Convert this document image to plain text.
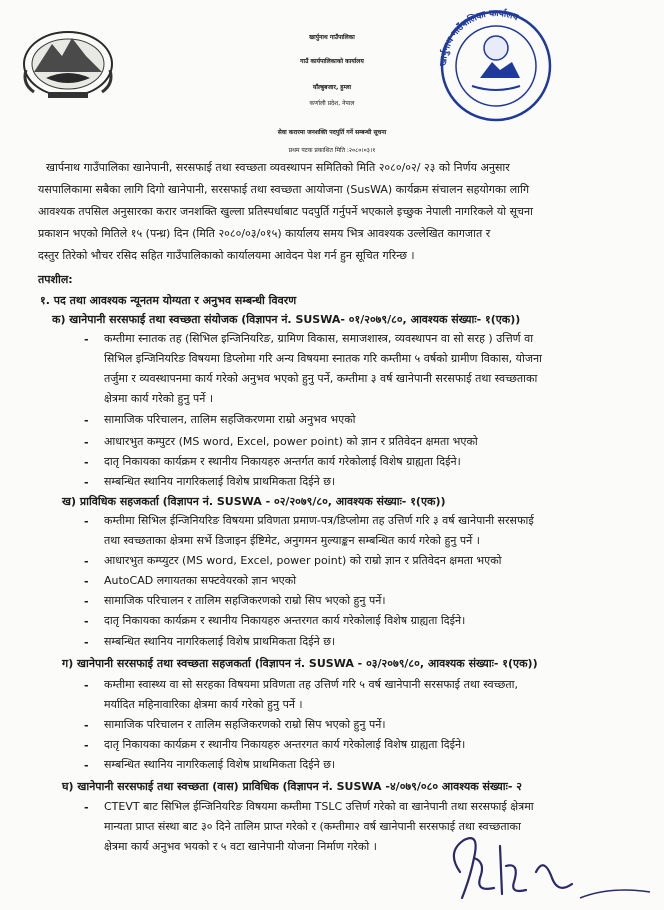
खार्पुनाथ गाउँपालिका कार्यालय
खार्पुनाथ गाउँपालिका
गाउँ कार्यपालिकाको कार्यालय
याँल्बुबजार, हुम्ला
कर्णाली प्रदेश, नेपाल
सेवा करारमा जनशक्ति पदपुर्ति गर्ने सम्बन्धी सूचना
प्रथम पटक प्रकाशित मिति :२०८०।०३।१
खार्पनाथ गाउँपालिका खानेपानी, सरसफाई तथा स्वच्छता व्यवस्थापन समितिको मिति २०८०/०२/ २३ को निर्णय अनुसार
यसपालिकामा सबैका लागि दिगो खानेपानी, सरसफाई तथा स्वच्छता आयोजना (SusWA) कार्यक्रम संचालन सहयोगका लागि
आवश्यक तपसिल अनुसारका करार जनशक्ति खुल्ला प्रतिस्पर्धाबाट पदपुर्ति गर्नुपर्ने भएकाले इच्छुक नेपाली नागरिकले यो सूचना
प्रकाशन भएको मितिले १५ (पन्ध्र) दिन (मिति २०८०/०३/०१५) कार्यालय समय भित्र आवश्यक उल्लेखित कागजात र
दस्तुर तिरेको भौचर रसिद सहित गाउँपालिकाको कार्यालयमा आवेदन पेश गर्न हुन सूचित गरिन्छ ।
तपशील:
१. पद तथा आवश्यक न्यूनतम योग्यता र अनुभव सम्बन्धी विवरण
क) खानेपानी सरसफाई तथा स्वच्छता संयोजक (विज्ञापन नं. SUSWA- ०१/२०७९/८०, आवश्यक संख्याः- १(एक))
- कम्तीमा स्नातक तह (सिभिल इन्जिनियरिङ, ग्रामिण विकास, समाजशास्त्र, व्यवस्थापन वा सो सरह ) उत्तिर्ण वा
सिभिल इन्जिनियरिङ विषयमा डिप्लोमा गरि अन्य विषयमा स्नातक गरि कम्तीमा ५ वर्षको ग्रामीण विकास, योजना
तर्जुमा र व्यवस्थापनमा कार्य गरेको अनुभव भएको हुनु पर्ने, कम्तीमा ३ वर्ष खानेपानी सरसफाई तथा स्वच्छताका
क्षेत्रमा कार्य गरेको हुनु पर्ने ।
- सामाजिक परिचालन, तालिम सहजिकरणमा राम्रो अनुभव भएको
- आधारभुत कम्पुटर (MS word, Excel, power point) को ज्ञान र प्रतिवेदन क्षमता भएको
- दातृ निकायका कार्यक्रम र स्थानीय निकायहरु अन्तर्गत कार्य गरेकोलाई विशेष ग्राह्यता दिईने।
- सम्बन्धित स्थानिय नागरिकलाई विशेष प्राथमिकता दिईने छ।
ख) प्राविधिक सहजकर्ता (विज्ञापन नं. SUSWA - ०२/२०७९/८०, आवश्यक संख्याः- १(एक))
- कम्तीमा सिभिल ईन्जिनियरिङ विषयमा प्रविणता प्रमाण-पत्र/डिप्लोमा तह उत्तिर्ण गरि ३ वर्ष खानेपानी सरसफाई
तथा स्वच्छताका क्षेत्रमा सर्भे डिजाइन ईष्टिमेट, अनुगमन मुल्याङ्कन सम्बन्धित कार्य गरेको हुनु पर्ने ।
- आधारभुत कम्प्युटर (MS word, Excel, power point) को राम्रो ज्ञान र प्रतिवेदन क्षमता भएको
- AutoCAD लगायतका सफ्टवेयरको ज्ञान भएको
- सामाजिक परिचालन र तालिम सहजिकरणको राम्रो सिप भएको हुनु पर्ने।
- दातृ निकायका कार्यक्रम र स्थानीय निकायहरु अन्तरगत कार्य गरेकोलाई विशेष ग्राह्यता दिईने।
- सम्बन्धित स्थानिय नागरिकलाई विशेष प्राथमिकता दिईने छ।
ग) खानेपानी सरसफाई तथा स्वच्छता सहजकर्ता (विज्ञापन नं. SUSWA - ०३/२०७९/८०, आवश्यक संख्याः- १(एक))
- कम्तीमा स्वास्थ्य वा सो सरहका विषयमा प्रविणता तह उत्तिर्ण गरि ५ वर्ष खानेपानी सरसफाई तथा स्वच्छता,
मर्यादित महिनावारिका क्षेत्रमा कार्य गरेको हुनु पर्ने ।
- सामाजिक परिचालन र तालिम सहजिकरणको राम्रो सिप भएको हुनु पर्ने।
- दातृ निकायका कार्यक्रम र स्थानीय निकायहरु अन्तरगत कार्य गरेकोलाई विशेष ग्राह्यता दिईने।
- सम्बन्धित स्थानिय नागरिकलाई विशेष प्राथमिकता दिईने छ।
घ) खानेपानी सरसफाई तथा स्वच्छता (वास) प्राविधिक (विज्ञापन नं. SUSWA -४/०७९/०८० आवश्यक संख्याः- २
- CTEVT बाट सिभिल ईन्जिनियरिङ विषयमा कम्तीमा TSLC उत्तिर्ण गरेको वा खानेपानी तथा सरसफाई क्षेत्रमा
मान्यता प्राप्त संस्था बाट ३० दिने तालिम प्राप्त गरेको र (कम्तीमा२ वर्ष खानेपानी सरसफाई तथा स्वच्छताका
क्षेत्रमा कार्य अनुभव भयको र ५ वटा खानेपानी योजना निर्माण गरेको ।
